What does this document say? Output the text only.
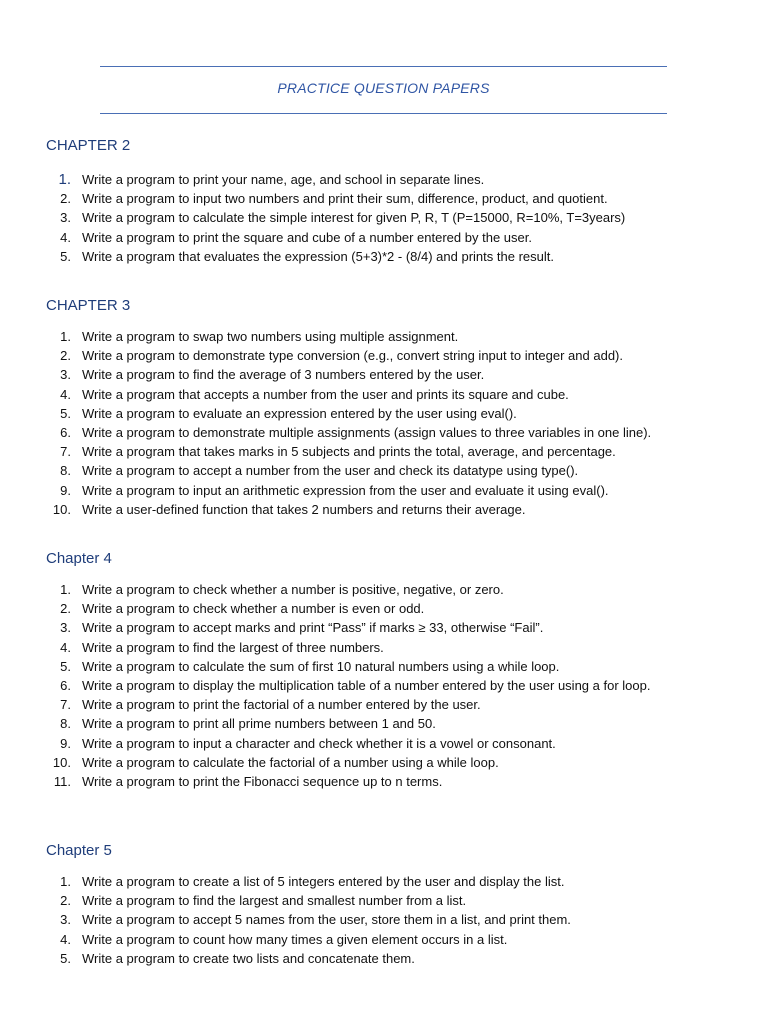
PRACTICE QUESTION PAPERS
CHAPTER 2
1. Write a program to print your name, age, and school in separate lines.
2. Write a program to input two numbers and print their sum, difference, product, and quotient.
3. Write a program to calculate the simple interest for given P, R, T (P=15000, R=10%, T=3years)
4. Write a program to print the square and cube of a number entered by the user.
5. Write a program that evaluates the expression (5+3)*2 - (8/4) and prints the result.
CHAPTER 3
1. Write a program to swap two numbers using multiple assignment.
2. Write a program to demonstrate type conversion (e.g., convert string input to integer and add).
3. Write a program to find the average of 3 numbers entered by the user.
4. Write a program that accepts a number from the user and prints its square and cube.
5. Write a program to evaluate an expression entered by the user using eval().
6. Write a program to demonstrate multiple assignments (assign values to three variables in one line).
7. Write a program that takes marks in 5 subjects and prints the total, average, and percentage.
8. Write a program to accept a number from the user and check its datatype using type().
9. Write a program to input an arithmetic expression from the user and evaluate it using eval().
10. Write a user-defined function that takes 2 numbers and returns their average.
Chapter 4
1. Write a program to check whether a number is positive, negative, or zero.
2. Write a program to check whether a number is even or odd.
3. Write a program to accept marks and print “Pass” if marks ≥ 33, otherwise “Fail”.
4. Write a program to find the largest of three numbers.
5. Write a program to calculate the sum of first 10 natural numbers using a while loop.
6. Write a program to display the multiplication table of a number entered by the user using a for loop.
7. Write a program to print the factorial of a number entered by the user.
8. Write a program to print all prime numbers between 1 and 50.
9. Write a program to input a character and check whether it is a vowel or consonant.
10. Write a program to calculate the factorial of a number using a while loop.
11. Write a program to print the Fibonacci sequence up to n terms.
Chapter 5
1. Write a program to create a list of 5 integers entered by the user and display the list.
2. Write a program to find the largest and smallest number from a list.
3. Write a program to accept 5 names from the user, store them in a list, and print them.
4. Write a program to count how many times a given element occurs in a list.
5. Write a program to create two lists and concatenate them.
